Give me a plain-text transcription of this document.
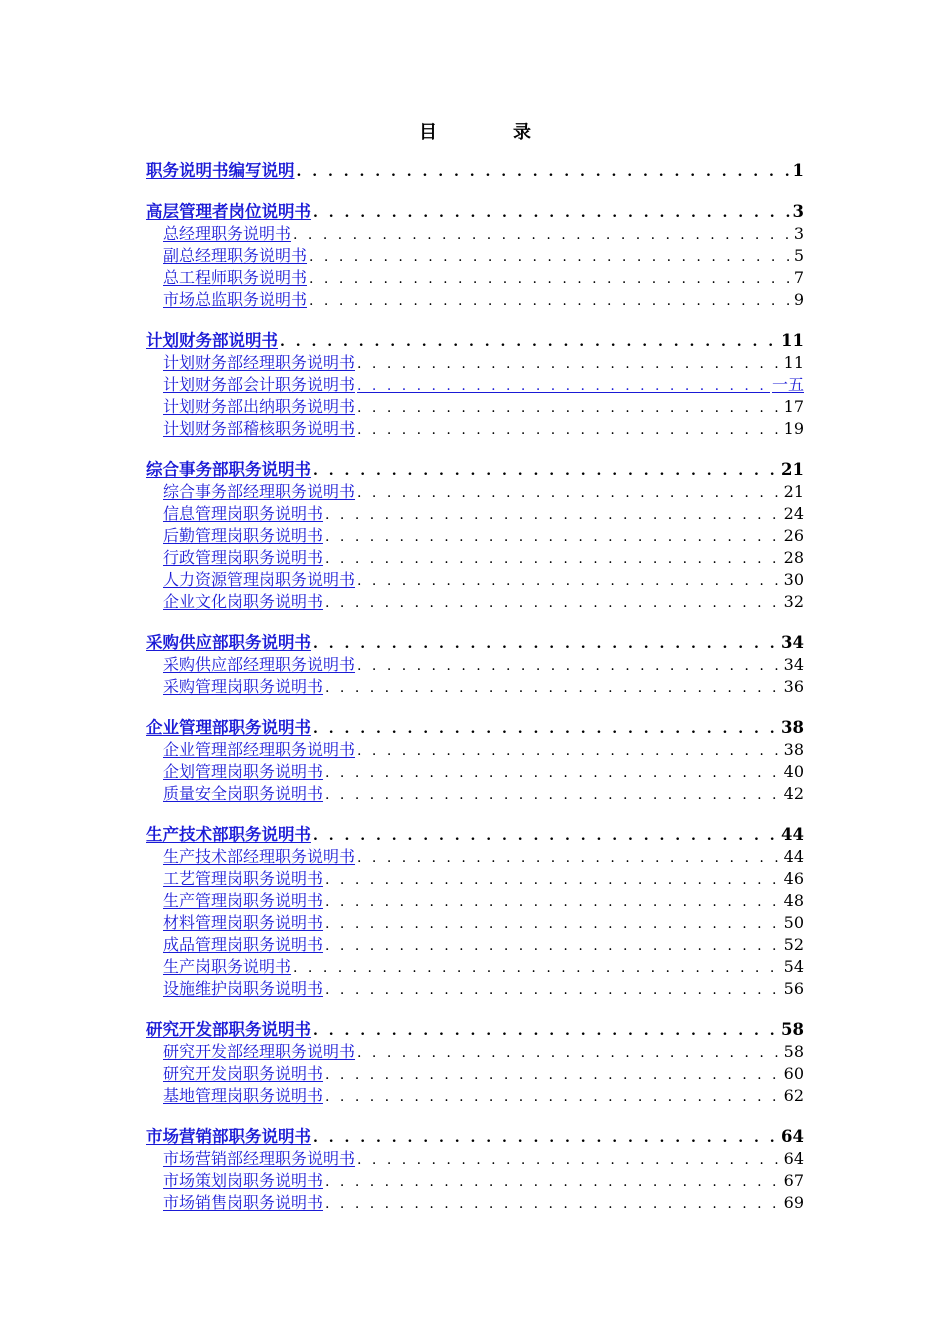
目	录
职务说明书编写说明 . . .	1
高层管理者岗位说明书 . . .	3
总经理职务说明书 . . .	3
副总经理职务说明书 . . .	5
总工程师职务说明书 . . .	7
市场总监职务说明书 . . .	9
计划财务部说明书 . . .	11
计划财务部经理职务说明书 . . .	11
计划财务部会计职务说明书 . . .	一五
计划财务部出纳职务说明书 . . .	17
计划财务部稽核职务说明书 . . .	19
综合事务部职务说明书 . . .	21
综合事务部经理职务说明书 . . .	21
信息管理岗职务说明书 . . .	24
后勤管理岗职务说明书 . . .	26
行政管理岗职务说明书 . . .	28
人力资源管理岗职务说明书 . . .	30
企业文化岗职务说明书 . . .	32
采购供应部职务说明书 . . .	34
采购供应部经理职务说明书 . . .	34
采购管理岗职务说明书 . . .	36
企业管理部职务说明书 . . .	38
企业管理部经理职务说明书 . . .	38
企划管理岗职务说明书 . . .	40
质量安全岗职务说明书 . . .	42
生产技术部职务说明书 . . .	44
生产技术部经理职务说明书 . . .	44
工艺管理岗职务说明书 . . .	46
生产管理岗职务说明书 . . .	48
材料管理岗职务说明书 . . .	50
成品管理岗职务说明书 . . .	52
生产岗职务说明书 . . .	54
设施维护岗职务说明书 . . .	56
研究开发部职务说明书 . . .	58
研究开发部经理职务说明书 . . .	58
研究开发岗职务说明书 . . .	60
基地管理岗职务说明书 . . .	62
市场营销部职务说明书 . . .	64
市场营销部经理职务说明书 . . .	64
市场策划岗职务说明书 . . .	67
市场销售岗职务说明书 . . .	69
